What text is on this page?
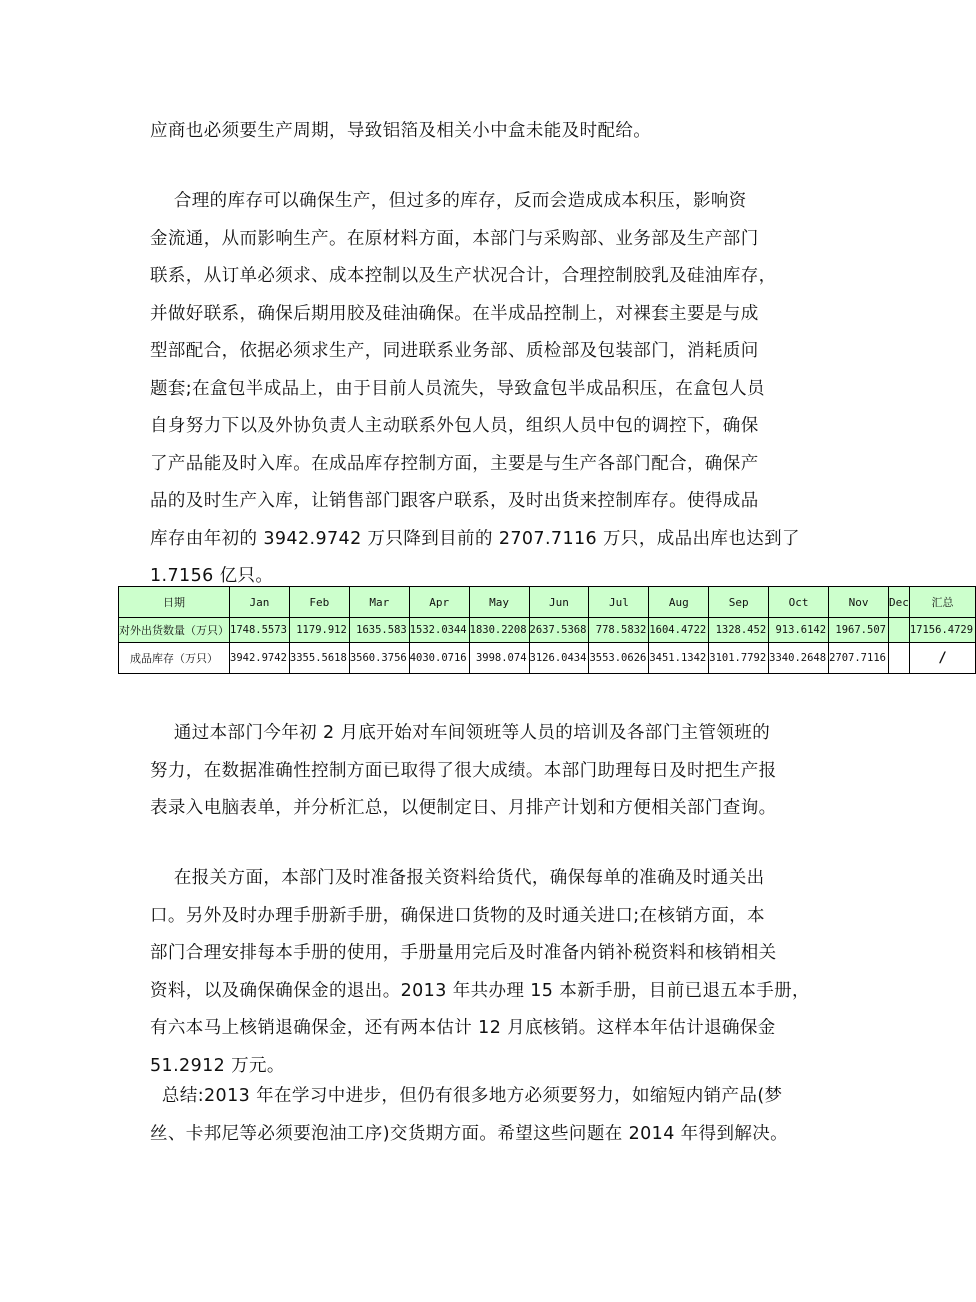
应商也必须要生产周期，导致铝箔及相关小中盒未能及时配给。
合理的库存可以确保生产，但过多的库存，反而会造成成本积压，影响资
金流通，从而影响生产。在原材料方面，本部门与采购部、业务部及生产部门
联系，从订单必须求、成本控制以及生产状况合计，合理控制胶乳及硅油库存，
并做好联系，确保后期用胶及硅油确保。在半成品控制上，对裸套主要是与成
型部配合，依据必须求生产，同进联系业务部、质检部及包装部门，消耗质问
题套;在盒包半成品上，由于目前人员流失，导致盒包半成品积压，在盒包人员
自身努力下以及外协负责人主动联系外包人员，组织人员中包的调控下，确保
了产品能及时入库。在成品库存控制方面，主要是与生产各部门配合，确保产
品的及时生产入库，让销售部门跟客户联系，及时出货来控制库存。使得成品
库存由年初的 3942.9742 万只降到目前的 2707.7116 万只，成品出库也达到了
1.7156 亿只。
日期	Jan	Feb	Mar	Apr	May	Jun	Jul	Aug	Sep	Oct	Nov	Dec	汇总
对外出货数量（万只）	1748.5573	1179.912	1635.583	1532.0344	1830.2208	2637.5368	778.5832	1604.4722	1328.452	913.6142	1967.507		17156.4729
成品库存（万只）	3942.9742	3355.5618	3560.3756	4030.0716	3998.074	3126.0434	3553.0626	3451.1342	3101.7792	3340.2648	2707.7116		/
通过本部门今年初 2 月底开始对车间领班等人员的培训及各部门主管领班的
努力，在数据准确性控制方面已取得了很大成绩。本部门助理每日及时把生产报
表录入电脑表单，并分析汇总，以便制定日、月排产计划和方便相关部门查询。
在报关方面，本部门及时准备报关资料给货代，确保每单的准确及时通关出
口。另外及时办理手册新手册，确保进口货物的及时通关进口;在核销方面，本
部门合理安排每本手册的使用，手册量用完后及时准备内销补税资料和核销相关
资料，以及确保确保金的退出。2013 年共办理 15 本新手册，目前已退五本手册，
有六本马上核销退确保金，还有两本估计 12 月底核销。这样本年估计退确保金
51.2912 万元。
总结:2013 年在学习中进步，但仍有很多地方必须要努力，如缩短内销产品(梦
丝、卡邦尼等必须要泡油工序)交货期方面。希望这些问题在 2014 年得到解决。
